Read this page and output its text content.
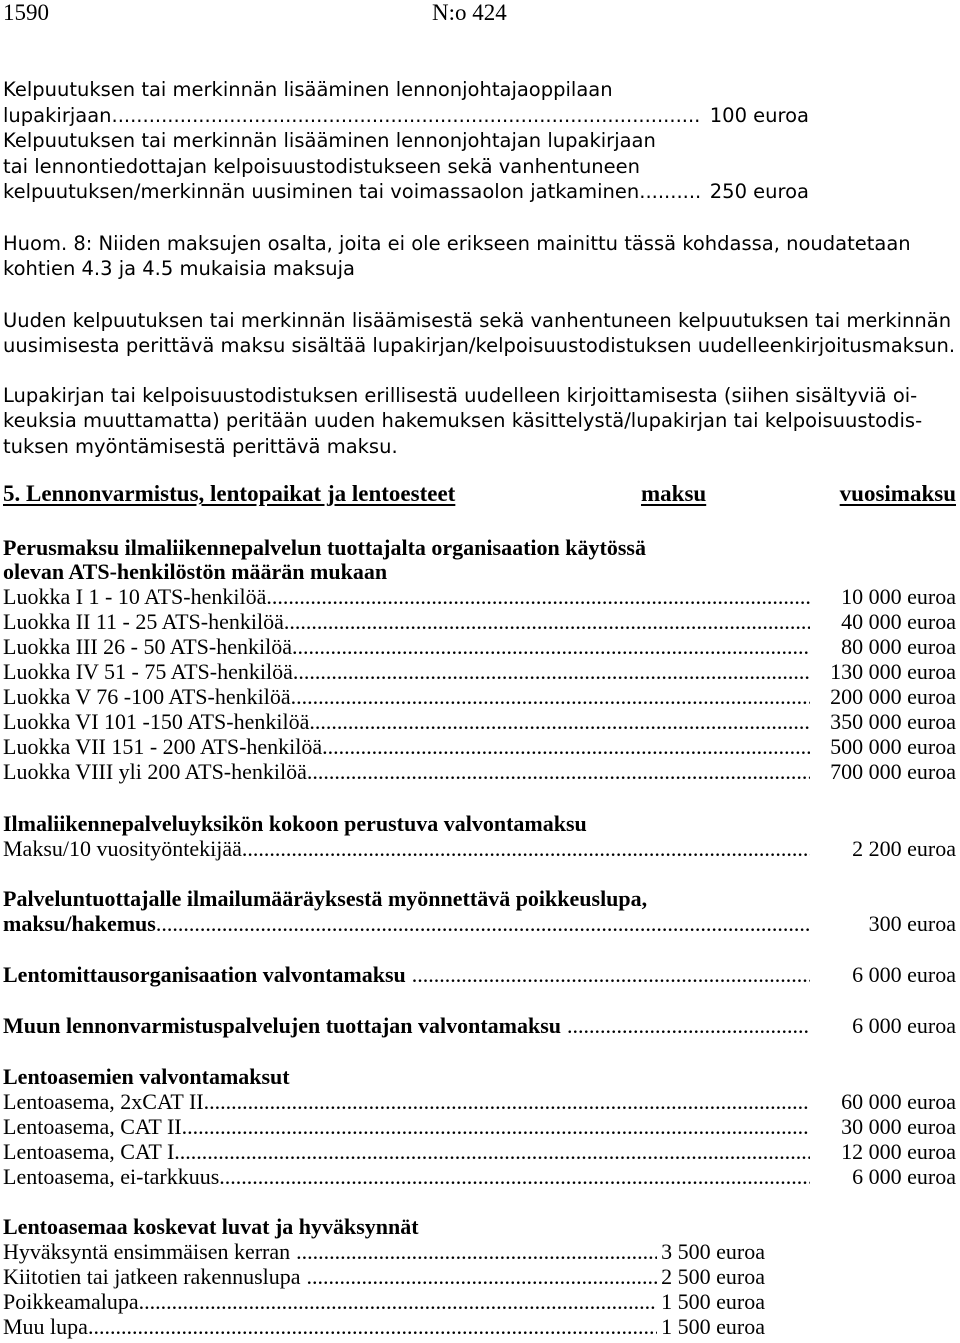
1590	N:o 424
Kelpuutuksen tai merkinnän lisääminen lennonjohtajaoppilaan
lupakirjaan .....	100 euroa
Kelpuutuksen tai merkinnän lisääminen lennonjohtajan lupakirjaan
tai lennontiedottajan kelpoisuustodistukseen sekä vanhentuneen
kelpuutuksen/merkinnän uusiminen tai voimassaolon jatkaminen .....	250 euroa
Huom. 8: Niiden maksujen osalta, joita ei ole erikseen mainittu tässä kohdassa, noudatetaan
kohtien 4.3 ja 4.5 mukaisia maksuja
Uuden kelpuutuksen tai merkinnän lisäämisestä sekä vanhentuneen kelpuutuksen tai merkinnän
uusimisesta perittävä maksu sisältää lupakirjan/kelpoisuustodistuksen uudelleenkirjoitusmaksun.
Lupakirjan tai kelpoisuustodistuksen erillisestä uudelleen kirjoittamisesta (siihen sisältyviä oi-
keuksia muuttamatta) peritään uuden hakemuksen käsittelystä/lupakirjan tai kelpoisuustodis-
tuksen myöntämisestä perittävä maksu.
5. Lennonvarmistus, lentopaikat ja lentoesteet	maksu	vuosimaksu
Perusmaksu ilmaliikennepalvelun tuottajalta organisaation käytössä
olevan ATS-henkilöstön määrän mukaan
Luokka I 1 - 10 ATS-henkilöä .....	10 000 euroa
Luokka II 11 - 25 ATS-henkilöä .....	40 000 euroa
Luokka III 26 - 50 ATS-henkilöä .....	80 000 euroa
Luokka IV 51 - 75 ATS-henkilöä .....	130 000 euroa
Luokka V 76 -100 ATS-henkilöä .....	200 000 euroa
Luokka VI 101 -150 ATS-henkilöä .....	350 000 euroa
Luokka VII 151 - 200 ATS-henkilöä .....	500 000 euroa
Luokka VIII yli 200 ATS-henkilöä .....	700 000 euroa
Ilmaliikennepalveluyksikön kokoon perustuva valvontamaksu
Maksu/10 vuosityöntekijää .....	2 200 euroa
Palveluntuottajalle ilmailumääräyksestä myönnettävä poikkeuslupa,
maksu/hakemus .....	300 euroa
Lentomittausorganisaation valvontamaksu .....	6 000 euroa
Muun lennonvarmistuspalvelujen tuottajan valvontamaksu .....	6 000 euroa
Lentoasemien valvontamaksut
Lentoasema, 2xCAT II .....	60 000 euroa
Lentoasema, CAT II .....	30 000 euroa
Lentoasema, CAT I .....	12 000 euroa
Lentoasema, ei-tarkkuus .....	6 000 euroa
Lentoasemaa koskevat luvat ja hyväksynnät
Hyväksyntä ensimmäisen kerran .....	3 500 euroa
Kiitotien tai jatkeen rakennuslupa .....	2 500 euroa
Poikkeamalupa .....	1 500 euroa
Muu lupa .....	1 500 euroa
